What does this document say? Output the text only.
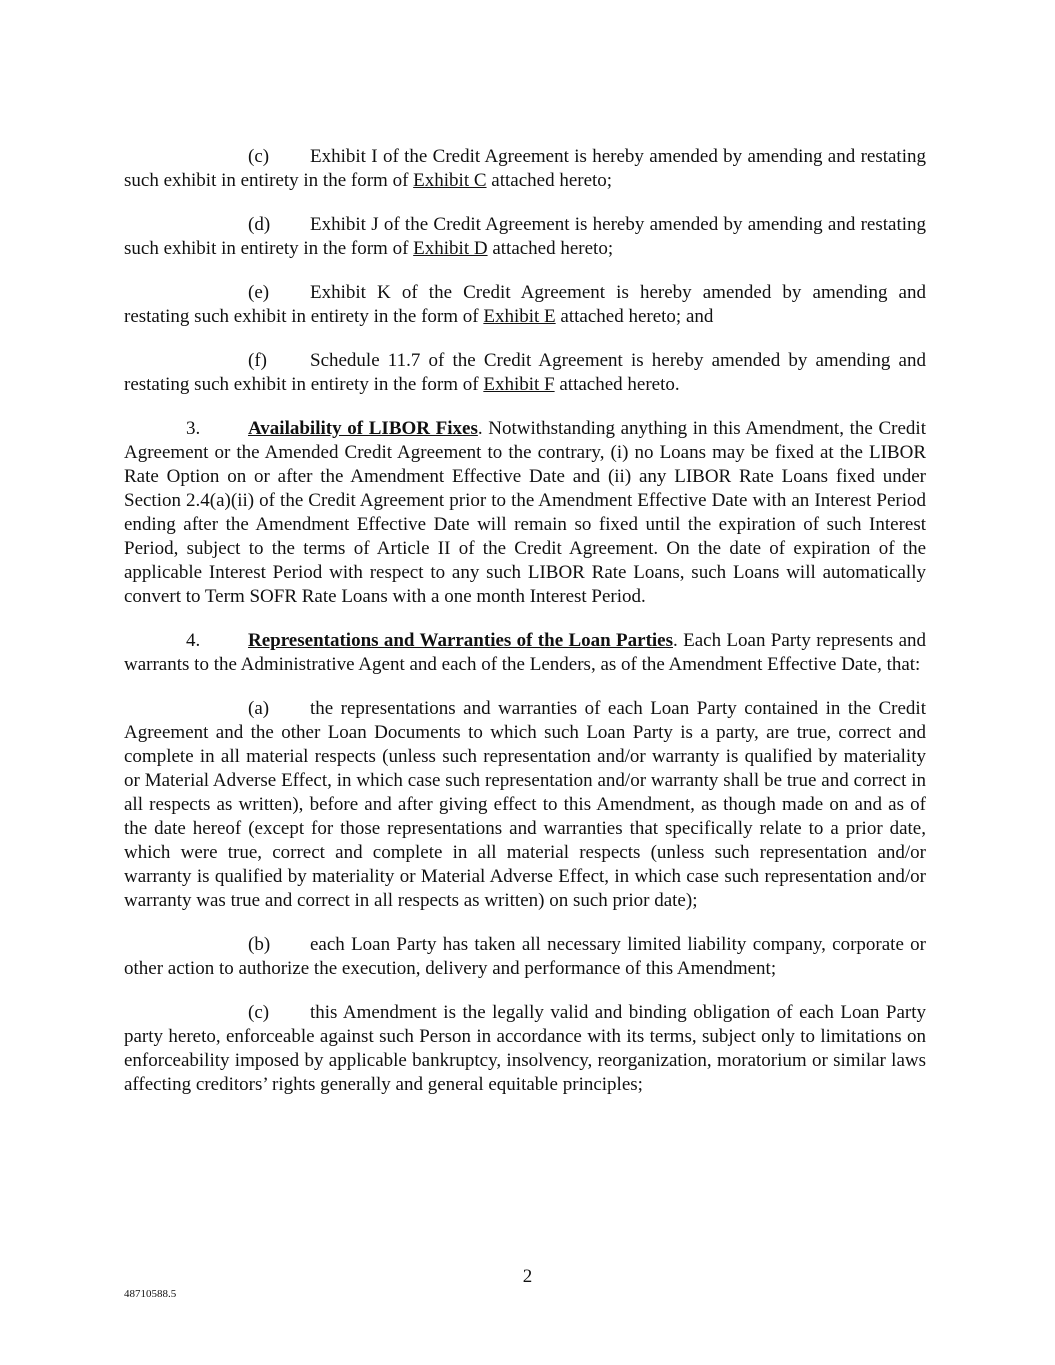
(c) Exhibit I of the Credit Agreement is hereby amended by amending and restating such exhibit in entirety in the form of Exhibit C attached hereto;

(d) Exhibit J of the Credit Agreement is hereby amended by amending and restating such exhibit in entirety in the form of Exhibit D attached hereto;

(e) Exhibit K of the Credit Agreement is hereby amended by amending and restating such exhibit in entirety in the form of Exhibit E attached hereto; and

(f) Schedule 11.7 of the Credit Agreement is hereby amended by amending and restating such exhibit in entirety in the form of Exhibit F attached hereto.

3.	Availability of LIBOR Fixes. Notwithstanding anything in this Amendment, the Credit Agreement or the Amended Credit Agreement to the contrary, (i) no Loans may be fixed at the LIBOR Rate Option on or after the Amendment Effective Date and (ii) any LIBOR Rate Loans fixed under Section 2.4(a)(ii) of the Credit Agreement prior to the Amendment Effective Date with an Interest Period ending after the Amendment Effective Date will remain so fixed until the expiration of such Interest Period, subject to the terms of Article II of the Credit Agreement. On the date of expiration of the applicable Interest Period with respect to any such LIBOR Rate Loans, such Loans will automatically convert to Term SOFR Rate Loans with a one month Interest Period.

4.	Representations and Warranties of the Loan Parties. Each Loan Party represents and warrants to the Administrative Agent and each of the Lenders, as of the Amendment Effective Date, that:

(a) the representations and warranties of each Loan Party contained in the Credit Agreement and the other Loan Documents to which such Loan Party is a party, are true, correct and complete in all material respects (unless such representation and/or warranty is qualified by materiality or Material Adverse Effect, in which case such representation and/or warranty shall be true and correct in all respects as written), before and after giving effect to this Amendment, as though made on and as of the date hereof (except for those representations and warranties that specifically relate to a prior date, which were true, correct and complete in all material respects (unless such representation and/or warranty is qualified by materiality or Material Adverse Effect, in which case such representation and/or warranty was true and correct in all respects as written) on such prior date);

(b) each Loan Party has taken all necessary limited liability company, corporate or other action to authorize the execution, delivery and performance of this Amendment;

(c) this Amendment is the legally valid and binding obligation of each Loan Party party hereto, enforceable against such Person in accordance with its terms, subject only to limitations on enforceability imposed by applicable bankruptcy, insolvency, reorganization, moratorium or similar laws affecting creditors’ rights generally and general equitable principles;

2
48710588.5
